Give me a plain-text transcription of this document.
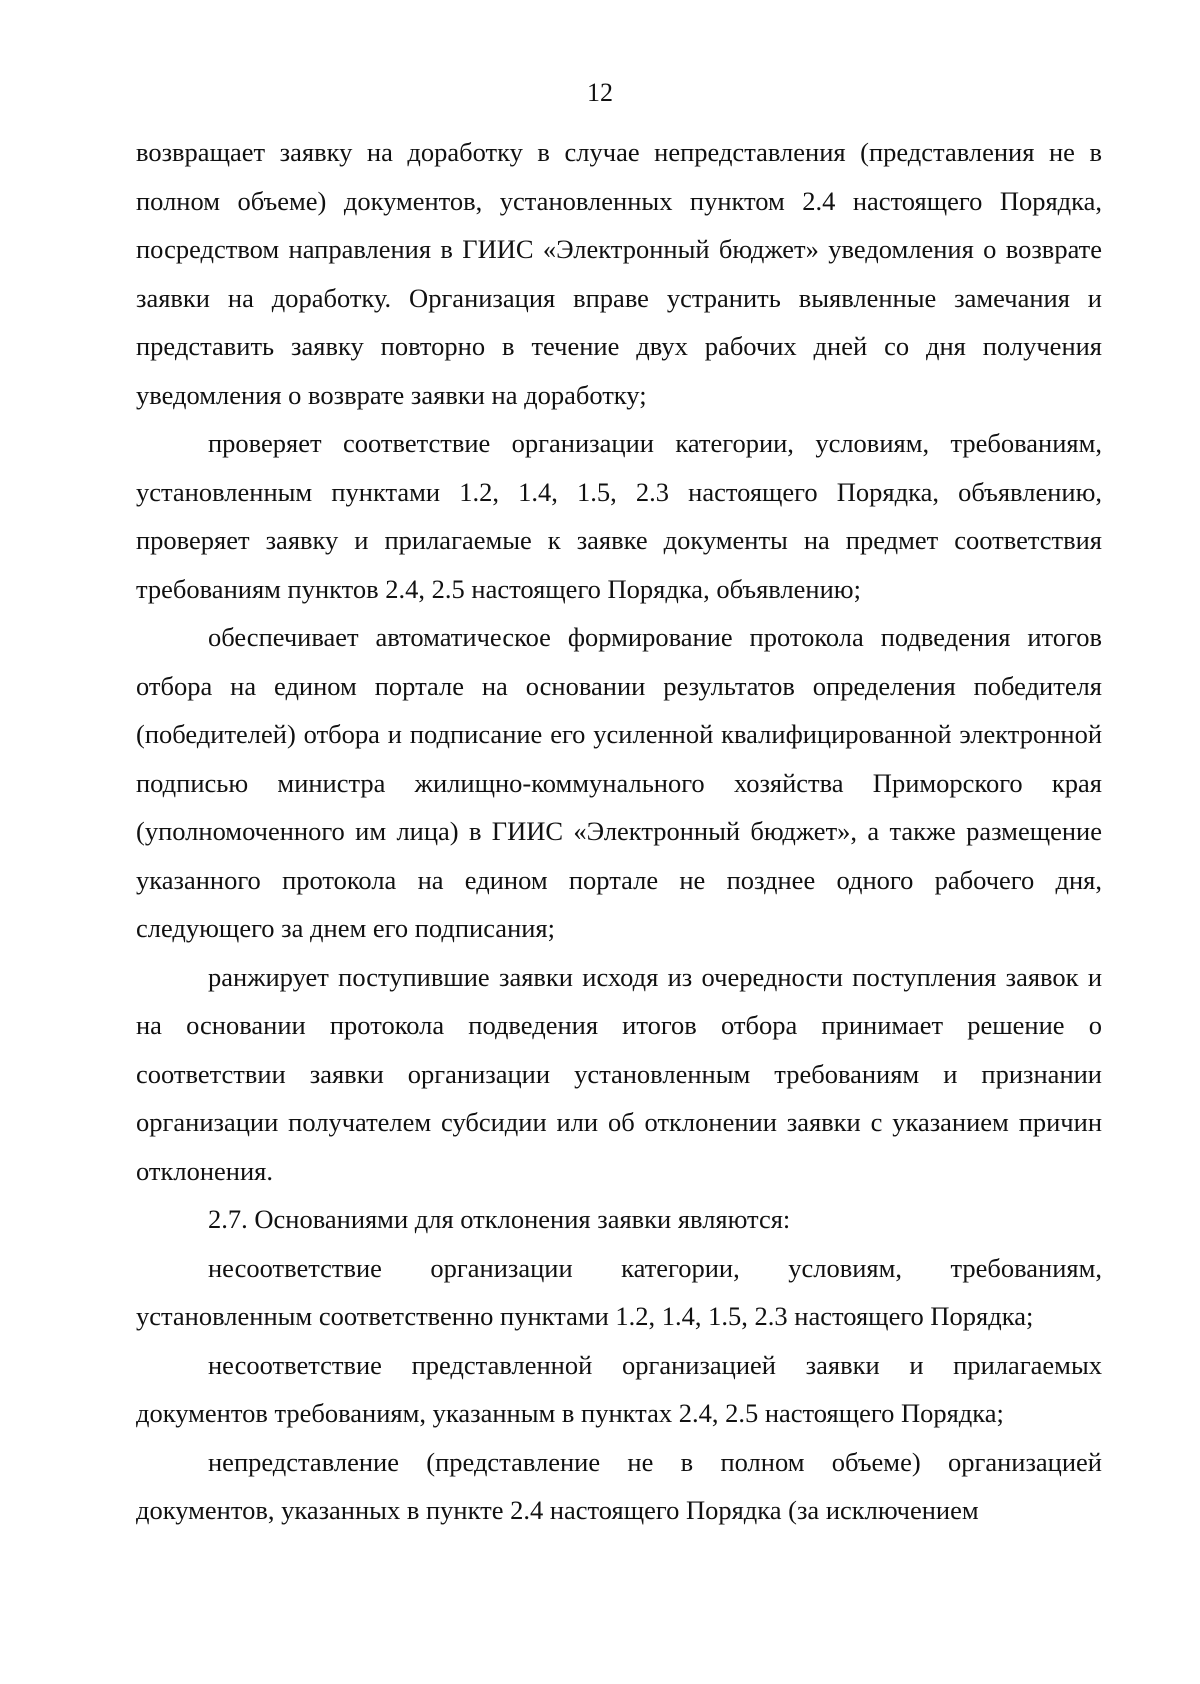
12

возвращает заявку на доработку в случае непредставления (представления не в полном объеме) документов, установленных пунктом 2.4 настоящего Порядка, посредством направления в ГИИС «Электронный бюджет» уведомления о возврате заявки на доработку. Организация вправе устранить выявленные замечания и представить заявку повторно в течение двух рабочих дней со дня получения уведомления о возврате заявки на доработку;

проверяет соответствие организации категории, условиям, требованиям, установленным пунктами 1.2, 1.4, 1.5, 2.3 настоящего Порядка, объявлению, проверяет заявку и прилагаемые к заявке документы на предмет соответствия требованиям пунктов 2.4, 2.5 настоящего Порядка, объявлению;

обеспечивает автоматическое формирование протокола подведения итогов отбора на едином портале на основании результатов определения победителя (победителей) отбора и подписание его усиленной квалифицированной электронной подписью министра жилищно-коммунального хозяйства Приморского края (уполномоченного им лица) в ГИИС «Электронный бюджет», а также размещение указанного протокола на едином портале не позднее одного рабочего дня, следующего за днем его подписания;

ранжирует поступившие заявки исходя из очередности поступления заявок и на основании протокола подведения итогов отбора принимает решение о соответствии заявки организации установленным требованиям и признании организации получателем субсидии или об отклонении заявки с указанием причин отклонения.

2.7. Основаниями для отклонения заявки являются:

несоответствие организации категории, условиям, требованиям, установленным соответственно пунктами 1.2, 1.4, 1.5, 2.3 настоящего Порядка;

несоответствие представленной организацией заявки и прилагаемых документов требованиям, указанным в пунктах 2.4, 2.5 настоящего Порядка;

непредставление (представление не в полном объеме) организацией документов, указанных в пункте 2.4 настоящего Порядка (за исключением
